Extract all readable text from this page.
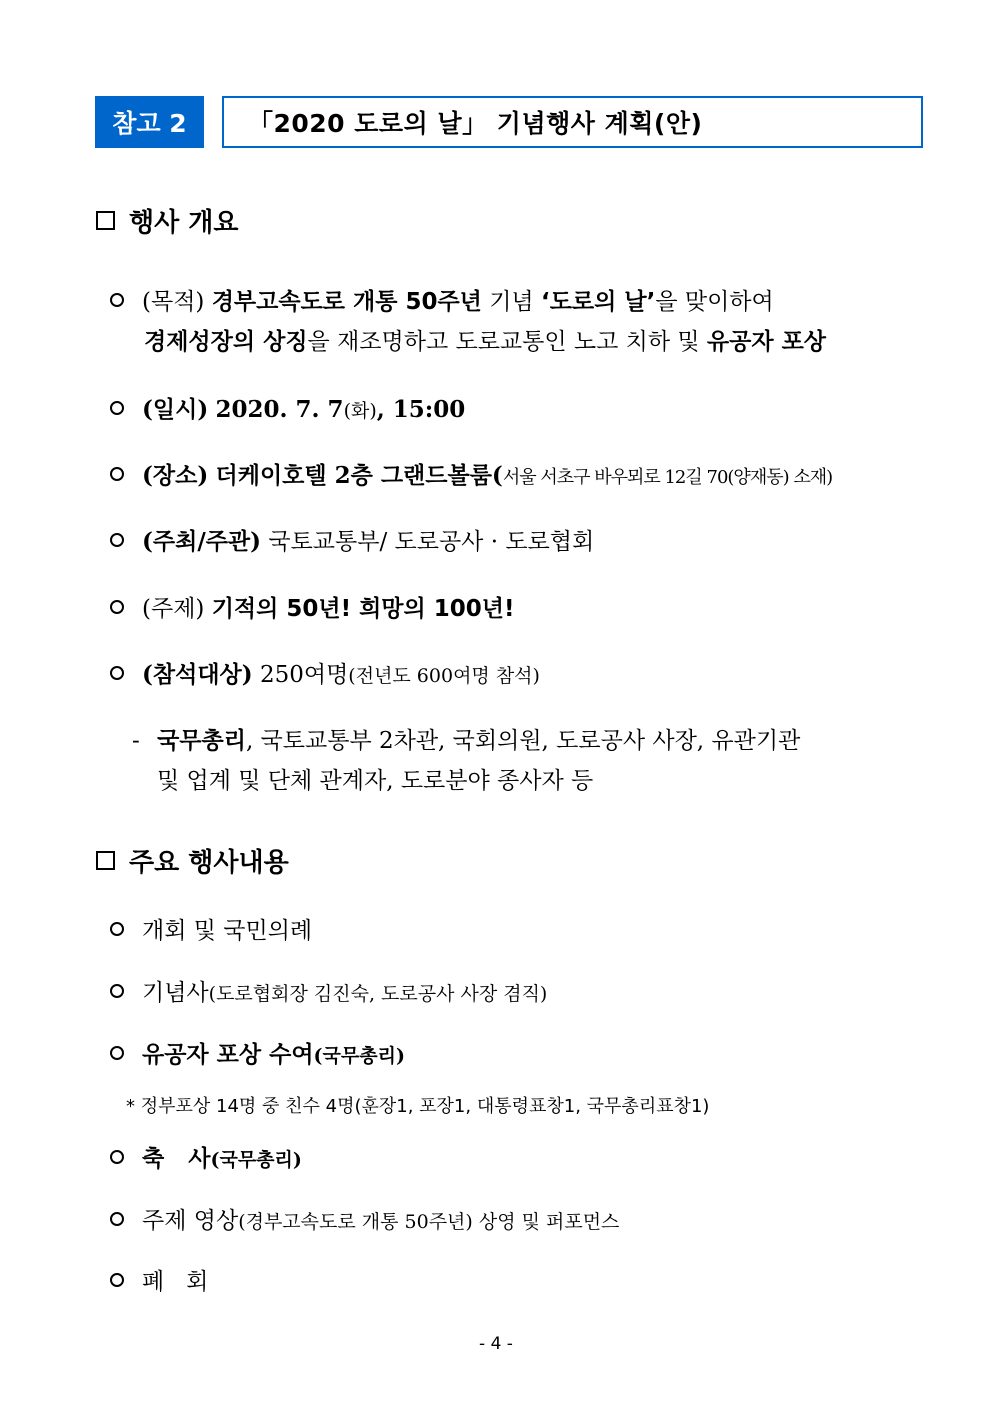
참고 2	「2020 도로의 날」 기념행사 계획(안)
행사 개요
(목적) 경부고속도로 개통 50주년 기념 ‘도로의 날’을 맞이하여
경제성장의 상징을 재조명하고 도로교통인 노고 치하 및 유공자 포상
(일시) 2020. 7. 7(화), 15:00
(장소) 더케이호텔 2층 그랜드볼룸(서울 서초구 바우뫼로 12길 70(양재동) 소재)
(주최/주관) 국토교통부/ 도로공사 · 도로협회
(주제) 기적의 50년! 희망의 100년!
(참석대상) 250여명(전년도 600여명 참석)
- 국무총리, 국토교통부 2차관, 국회의원, 도로공사 사장, 유관기관
및 업계 및 단체 관계자, 도로분야 종사자 등
주요 행사내용
개회 및 국민의례
기념사(도로협회장 김진숙, 도로공사 사장 겸직)
유공자 포상 수여(국무총리)
* 정부포상 14명 중 친수 4명(훈장1, 포장1, 대통령표창1, 국무총리표창1)
축   사(국무총리)
주제 영상(경부고속도로 개통 50주년) 상영 및 퍼포먼스
폐   회
- 4 -
